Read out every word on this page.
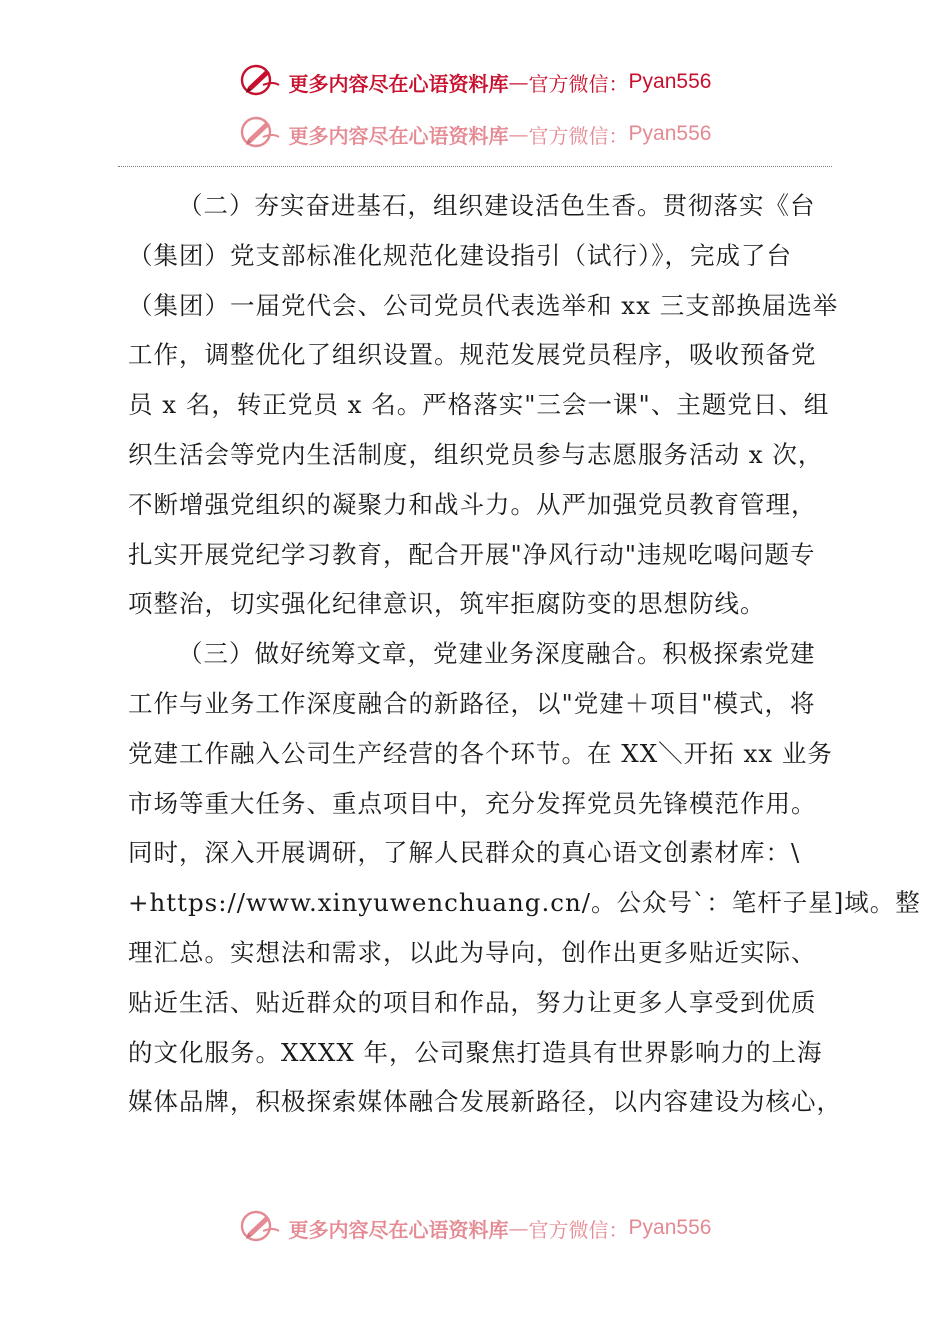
更多内容尽在心语资料库 — 官方微信： Pyan556
更多内容尽在心语资料库 — 官方微信： Pyan556
（二）夯实奋进基石，组织建设活色生香。贯彻落实《台
（集团）党支部标准化规范化建设指引（试行）》，完成了台
（集团）一届党代会、公司党员代表选举和 xx 三支部换届选举
工作，调整优化了组织设置。规范发展党员程序，吸收预备党
员 x 名，转正党员 x 名。严格落实"三会一课"、主题党日、组
织生活会等党内生活制度，组织党员参与志愿服务活动 x 次，
不断增强党组织的凝聚力和战斗力。从严加强党员教育管理，
扎实开展党纪学习教育，配合开展"净风行动"违规吃喝问题专
项整治，切实强化纪律意识，筑牢拒腐防变的思想防线。
（三）做好统筹文章，党建业务深度融合。积极探索党建
工作与业务工作深度融合的新路径，以"党建＋项目"模式，将
党建工作融入公司生产经营的各个环节。在 XX＼开拓 xx 业务
市场等重大任务、重点项目中，充分发挥党员先锋模范作用。
同时，深入开展调研，了解人民群众的真心语文创素材库：\
+https://www.xinyuwenchuang.cn/。公众号`：笔杆子星]域。整
理汇总。实想法和需求，以此为导向，创作出更多贴近实际、
贴近生活、贴近群众的项目和作品，努力让更多人享受到优质
的文化服务。XXXX 年，公司聚焦打造具有世界影响力的上海
媒体品牌，积极探索媒体融合发展新路径，以内容建设为核心，
更多内容尽在心语资料库 — 官方微信： Pyan556
